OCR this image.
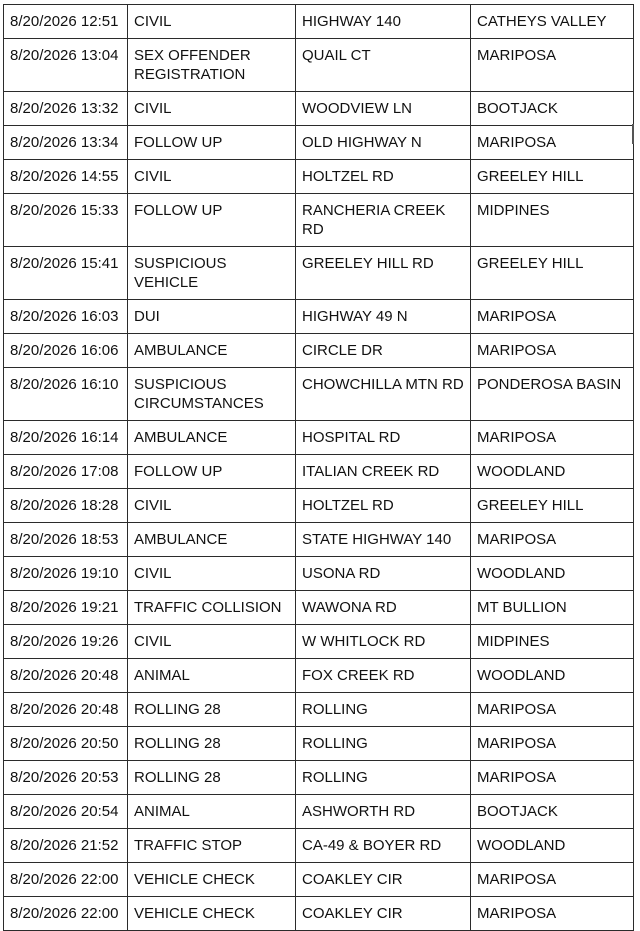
8/20/2026 12:51	CIVIL	HIGHWAY 140	CATHEYS VALLEY
8/20/2026 13:04	SEX OFFENDER REGISTRATION	QUAIL CT	MARIPOSA
8/20/2026 13:32	CIVIL	WOODVIEW LN	BOOTJACK
8/20/2026 13:34	FOLLOW UP	OLD HIGHWAY N	MARIPOSA
8/20/2026 14:55	CIVIL	HOLTZEL RD	GREELEY HILL
8/20/2026 15:33	FOLLOW UP	RANCHERIA CREEK RD	MIDPINES
8/20/2026 15:41	SUSPICIOUS VEHICLE	GREELEY HILL RD	GREELEY HILL
8/20/2026 16:03	DUI	HIGHWAY 49 N	MARIPOSA
8/20/2026 16:06	AMBULANCE	CIRCLE DR	MARIPOSA
8/20/2026 16:10	SUSPICIOUS CIRCUMSTANCES	CHOWCHILLA MTN RD	PONDEROSA BASIN
8/20/2026 16:14	AMBULANCE	HOSPITAL RD	MARIPOSA
8/20/2026 17:08	FOLLOW UP	ITALIAN CREEK RD	WOODLAND
8/20/2026 18:28	CIVIL	HOLTZEL RD	GREELEY HILL
8/20/2026 18:53	AMBULANCE	STATE HIGHWAY 140	MARIPOSA
8/20/2026 19:10	CIVIL	USONA RD	WOODLAND
8/20/2026 19:21	TRAFFIC COLLISION	WAWONA RD	MT BULLION
8/20/2026 19:26	CIVIL	W WHITLOCK RD	MIDPINES
8/20/2026 20:48	ANIMAL	FOX CREEK RD	WOODLAND
8/20/2026 20:48	ROLLING 28	ROLLING	MARIPOSA
8/20/2026 20:50	ROLLING 28	ROLLING	MARIPOSA
8/20/2026 20:53	ROLLING 28	ROLLING	MARIPOSA
8/20/2026 20:54	ANIMAL	ASHWORTH RD	BOOTJACK
8/20/2026 21:52	TRAFFIC STOP	CA-49 & BOYER RD	WOODLAND
8/20/2026 22:00	VEHICLE CHECK	COAKLEY CIR	MARIPOSA
8/20/2026 22:00	VEHICLE CHECK	COAKLEY CIR	MARIPOSA
